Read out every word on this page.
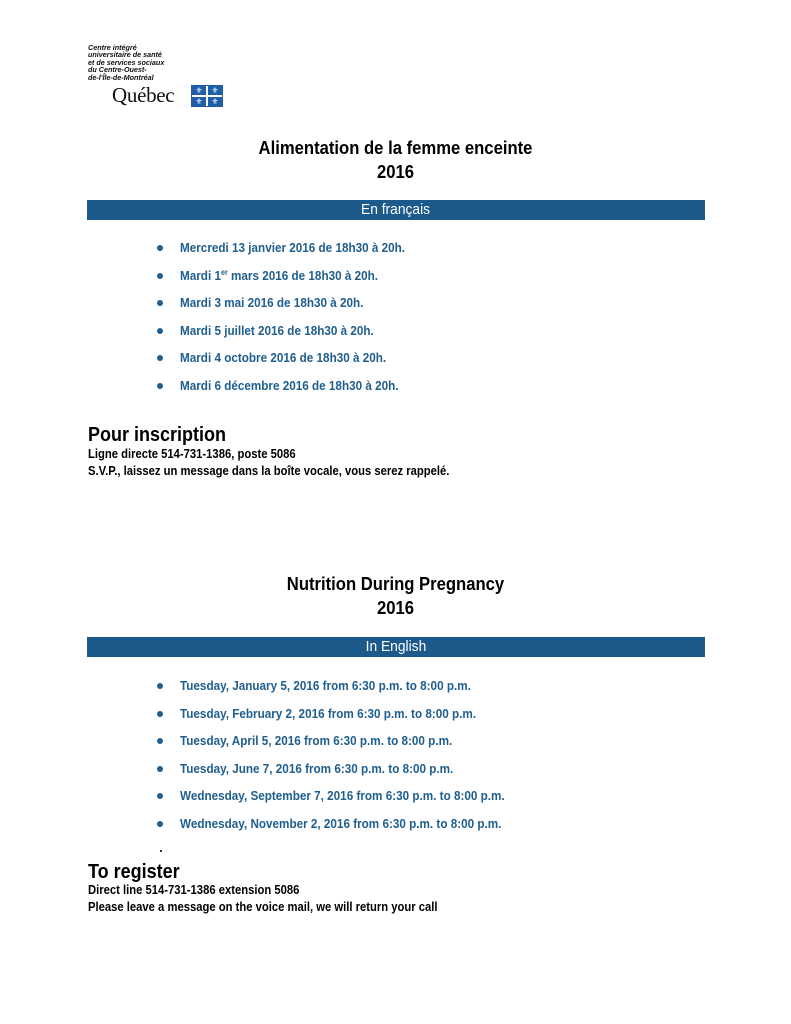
Centre intégré
universitaire de santé
et de services sociaux
du Centre-Ouest-
de-l'Île-de-Montréal
Québec	⚜	⚜
⚜	⚜
Alimentation de la femme enceinte
2016
En français
Mercredi 13 janvier 2016 de 18h30 à 20h.
Mardi 1er mars 2016 de 18h30 à 20h.
Mardi 3 mai 2016 de 18h30 à 20h.
Mardi 5 juillet 2016 de 18h30 à 20h.
Mardi 4 octobre 2016 de 18h30 à 20h.
Mardi 6 décembre 2016 de 18h30 à 20h.
Pour inscription
Ligne directe 514-731-1386, poste 5086
S.V.P., laissez un message dans la boîte vocale, vous serez rappelé.
Nutrition During Pregnancy
2016
In English
Tuesday, January 5, 2016 from 6:30 p.m. to 8:00 p.m.
Tuesday, February 2, 2016 from 6:30 p.m. to 8:00 p.m.
Tuesday, April 5, 2016 from 6:30 p.m. to 8:00 p.m.
Tuesday, June 7, 2016 from 6:30 p.m. to 8:00 p.m.
Wednesday, September 7, 2016 from 6:30 p.m. to 8:00 p.m.
Wednesday, November 2, 2016 from 6:30 p.m. to 8:00 p.m.
To register
Direct line 514-731-1386 extension 5086
Please leave a message on the voice mail, we will return your call
